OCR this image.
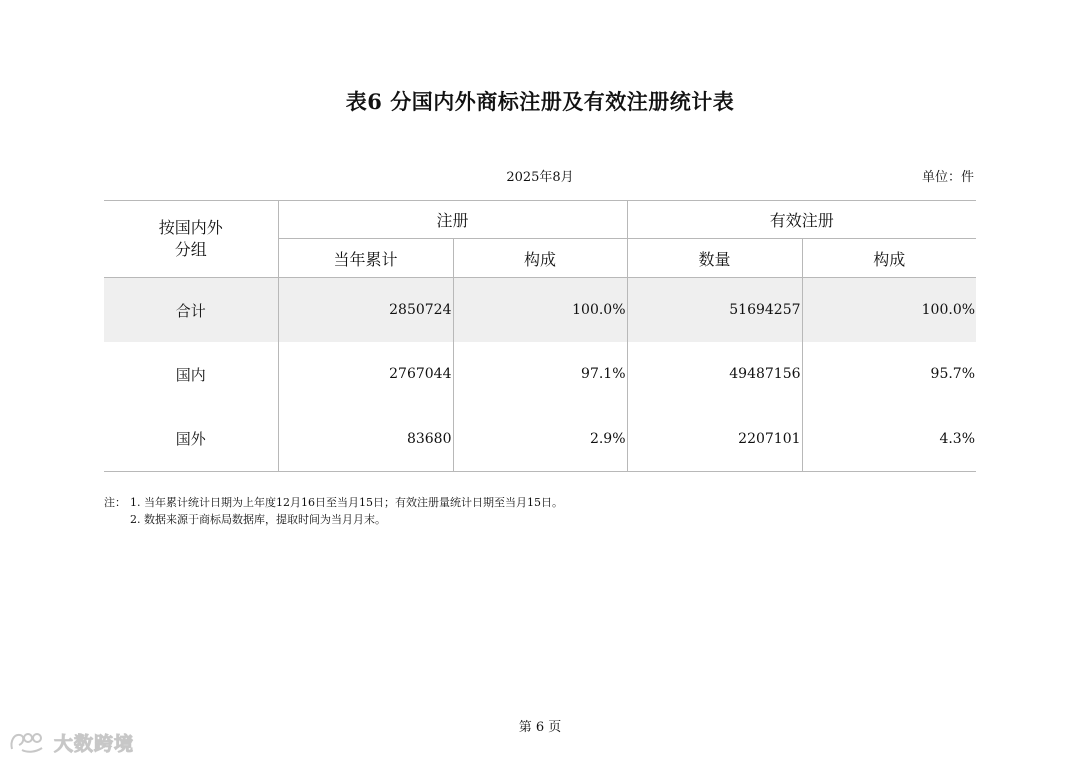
表6 分国内外商标注册及有效注册统计表
2025年8月	单位：件
按国内外
分组	注册		有效注册	
	当年累计	构成	数量	构成
合计	2850724	100.0%	51694257	100.0%
国内	2767044	97.1%	49487156	95.7%
国外	83680	2.9%	2207101	4.3%
注： 1. 当年累计统计日期为上年度12月16日至当月15日；有效注册量统计日期至当月15日。
2. 数据来源于商标局数据库，提取时间为当月月末。
第 6 页
大数跨境
